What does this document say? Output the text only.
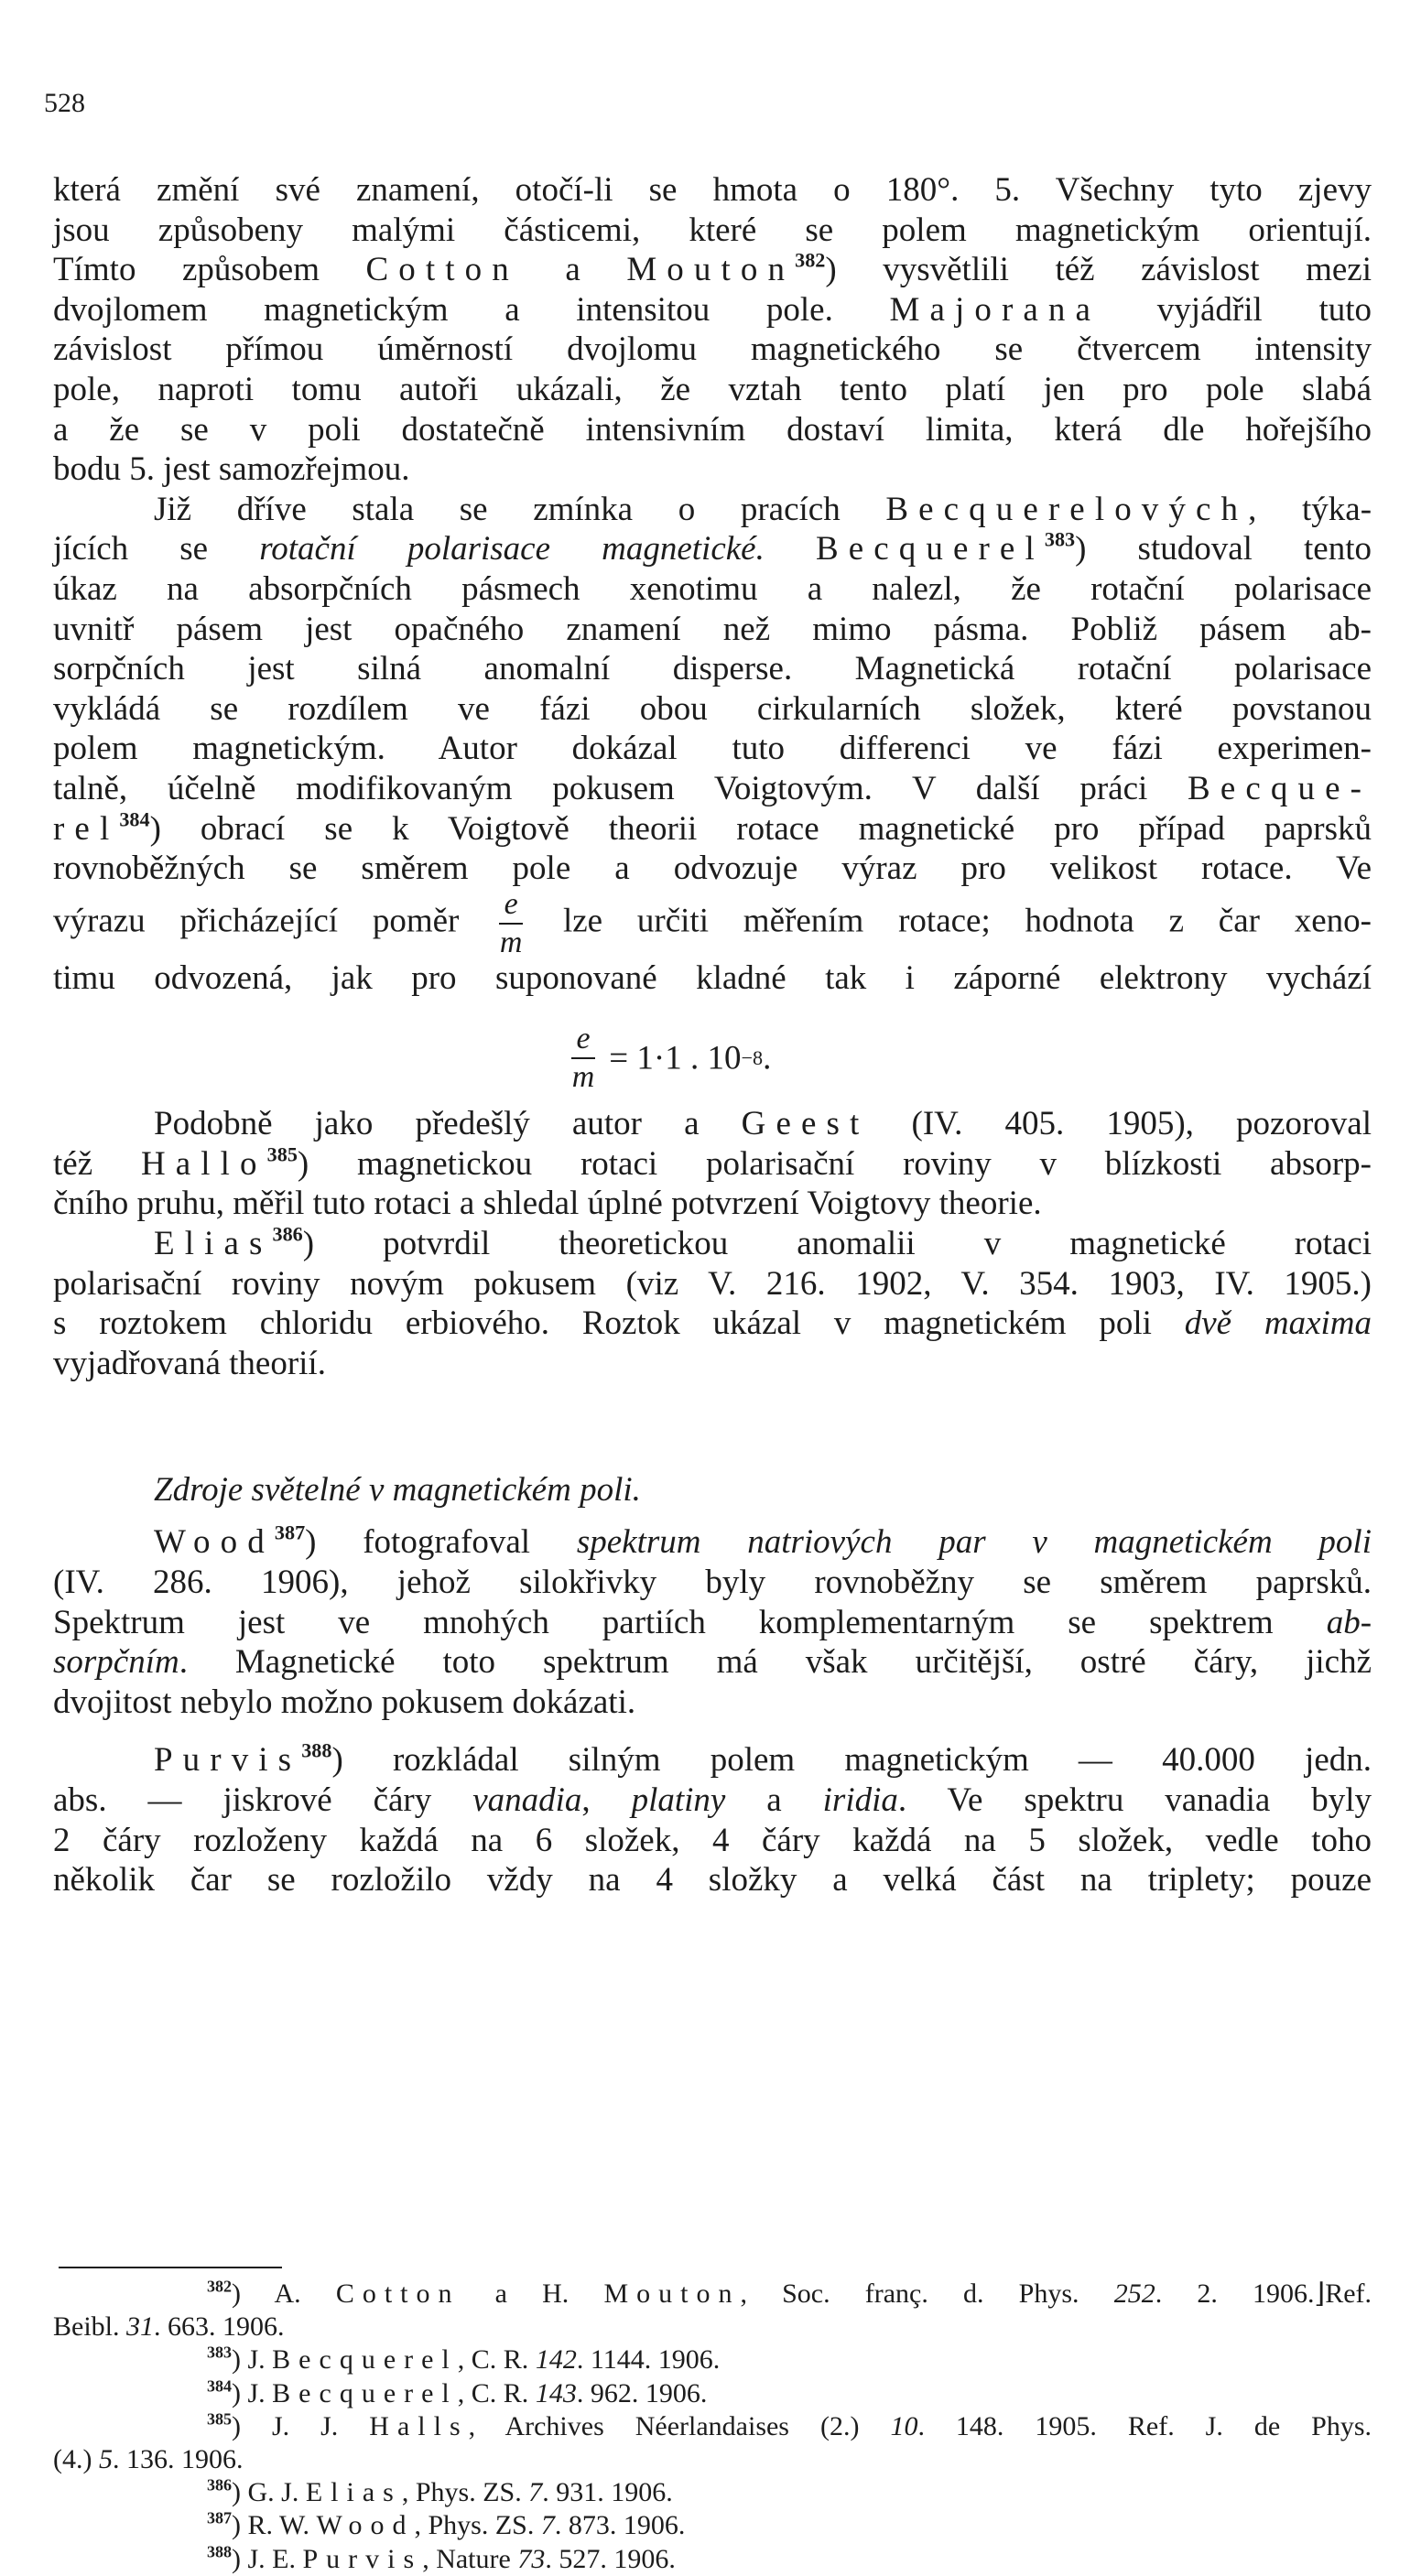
528

která změní své znamení, otočí-li se hmota o 180°. 5. Všechny tyto zjevy

jsou způsobeny malými částicemi, které se polem magnetickým orientují.

Tímto způsobem Cotton a Mouton$^{382}$) vysvětlili též závislost mezi

dvojlomem magnetickým a intensitou pole. Majorana vyjádřil tuto

závislost přímou úměrností dvojlomu magnetického se čtvercem intensity

pole, naproti tomu autoři ukázali, že vztah tento platí jen pro pole slabá

a že se v poli dostatečně intensivním dostaví limita, která dle hořejšího

bodu 5. jest samozřejmou.

Již dříve stala se zmínka o pracích Becquerelových, týka-

jících se rotační polarisace magnetické. Becquerel$^{383}$) studoval tento

úkaz na absorpčních pásmech xenotimu a nalezl, že rotační polarisace

uvnitř pásem jest opačného znamení než mimo pásma. Pobliž pásem ab-

sorpčních jest silná anomalní disperse. Magnetická rotační polarisace

vykládá se rozdílem ve fázi obou cirkularních složek, které povstanou

polem magnetickým. Autor dokázal tuto differenci ve fázi experimen-

talně, účelně modifikovaným pokusem Voigtovým. V další práci Becque-

rel$^{384}$) obrací se k Voigtově theorii rotace magnetické pro případ paprsků

rovnoběžných se směrem pole a odvozuje výraz pro velikost rotace. Ve

výrazu přicházející poměr $\frac{e}{m}$ lze určiti měřením rotace; hodnota z čar xeno-

timu odvozená, jak pro suponované kladné tak i záporné elektrony vychází

$\frac{e}{m} = 1\cdot 1$ . 10−8.

Podobně jako předešlý autor a Geest (IV. 405. 1905), pozoroval

též Hallo$^{385}$) magnetickou rotaci polarisační roviny v blízkosti absorp-

čního pruhu, měřil tuto rotaci a shledal úplné potvrzení Voigtovy theorie.

Elias$^{386}$) potvrdil theoretickou anomalii v magnetické rotaci

polarisační roviny novým pokusem (viz V. 216. 1902, V. 354. 1903, IV. 1905.)

s roztokem chloridu erbiového. Roztok ukázal v magnetickém poli dvě maxima

vyjadřovaná theorií.

Zdroje světelné v magnetickém poli.

Wood$^{387}$) fotografoval spektrum natriových par v magnetickém poli

(IV. 286. 1906), jehož silokřivky byly rovnoběžny se směrem paprsků.

Spektrum jest ve mnohých partiích komplementarným se spektrem ab-

sorpčním. Magnetické toto spektrum má však určitější, ostré čáry, jichž

dvojitost nebylo možno pokusem dokázati.

Purvis$^{388}$) rozkládal silným polem magnetickým — 40.000 jedn.

abs. — jiskrové čáry vanadia, platiny a iridia. Ve spektru vanadia byly

2 čáry rozloženy každá na 6 složek, 4 čáry každá na 5 složek, vedle toho

několik čar se rozložilo vždy na 4 složky a velká část na triplety; pouze

$^{382}$) A. Cotton a H. Mouton, Soc. franç. d. Phys. 252. 2. 1906.⌋Ref.

Beibl. 31. 663. 1906.

$^{383}$) J. Becquerel, C. R. 142. 1144. 1906.

$^{384}$) J. Becquerel, C. R. 143. 962. 1906.

$^{385}$) J. J. Halls, Archives Néerlandaises (2.) 10. 148. 1905. Ref. J. de Phys.

(4.) 5. 136. 1906.

$^{386}$) G. J. Elias, Phys. ZS. 7. 931. 1906.

$^{387}$) R. W. Wood, Phys. ZS. 7. 873. 1906.

$^{388}$) J. E. Purvis, Nature 73. 527. 1906.
